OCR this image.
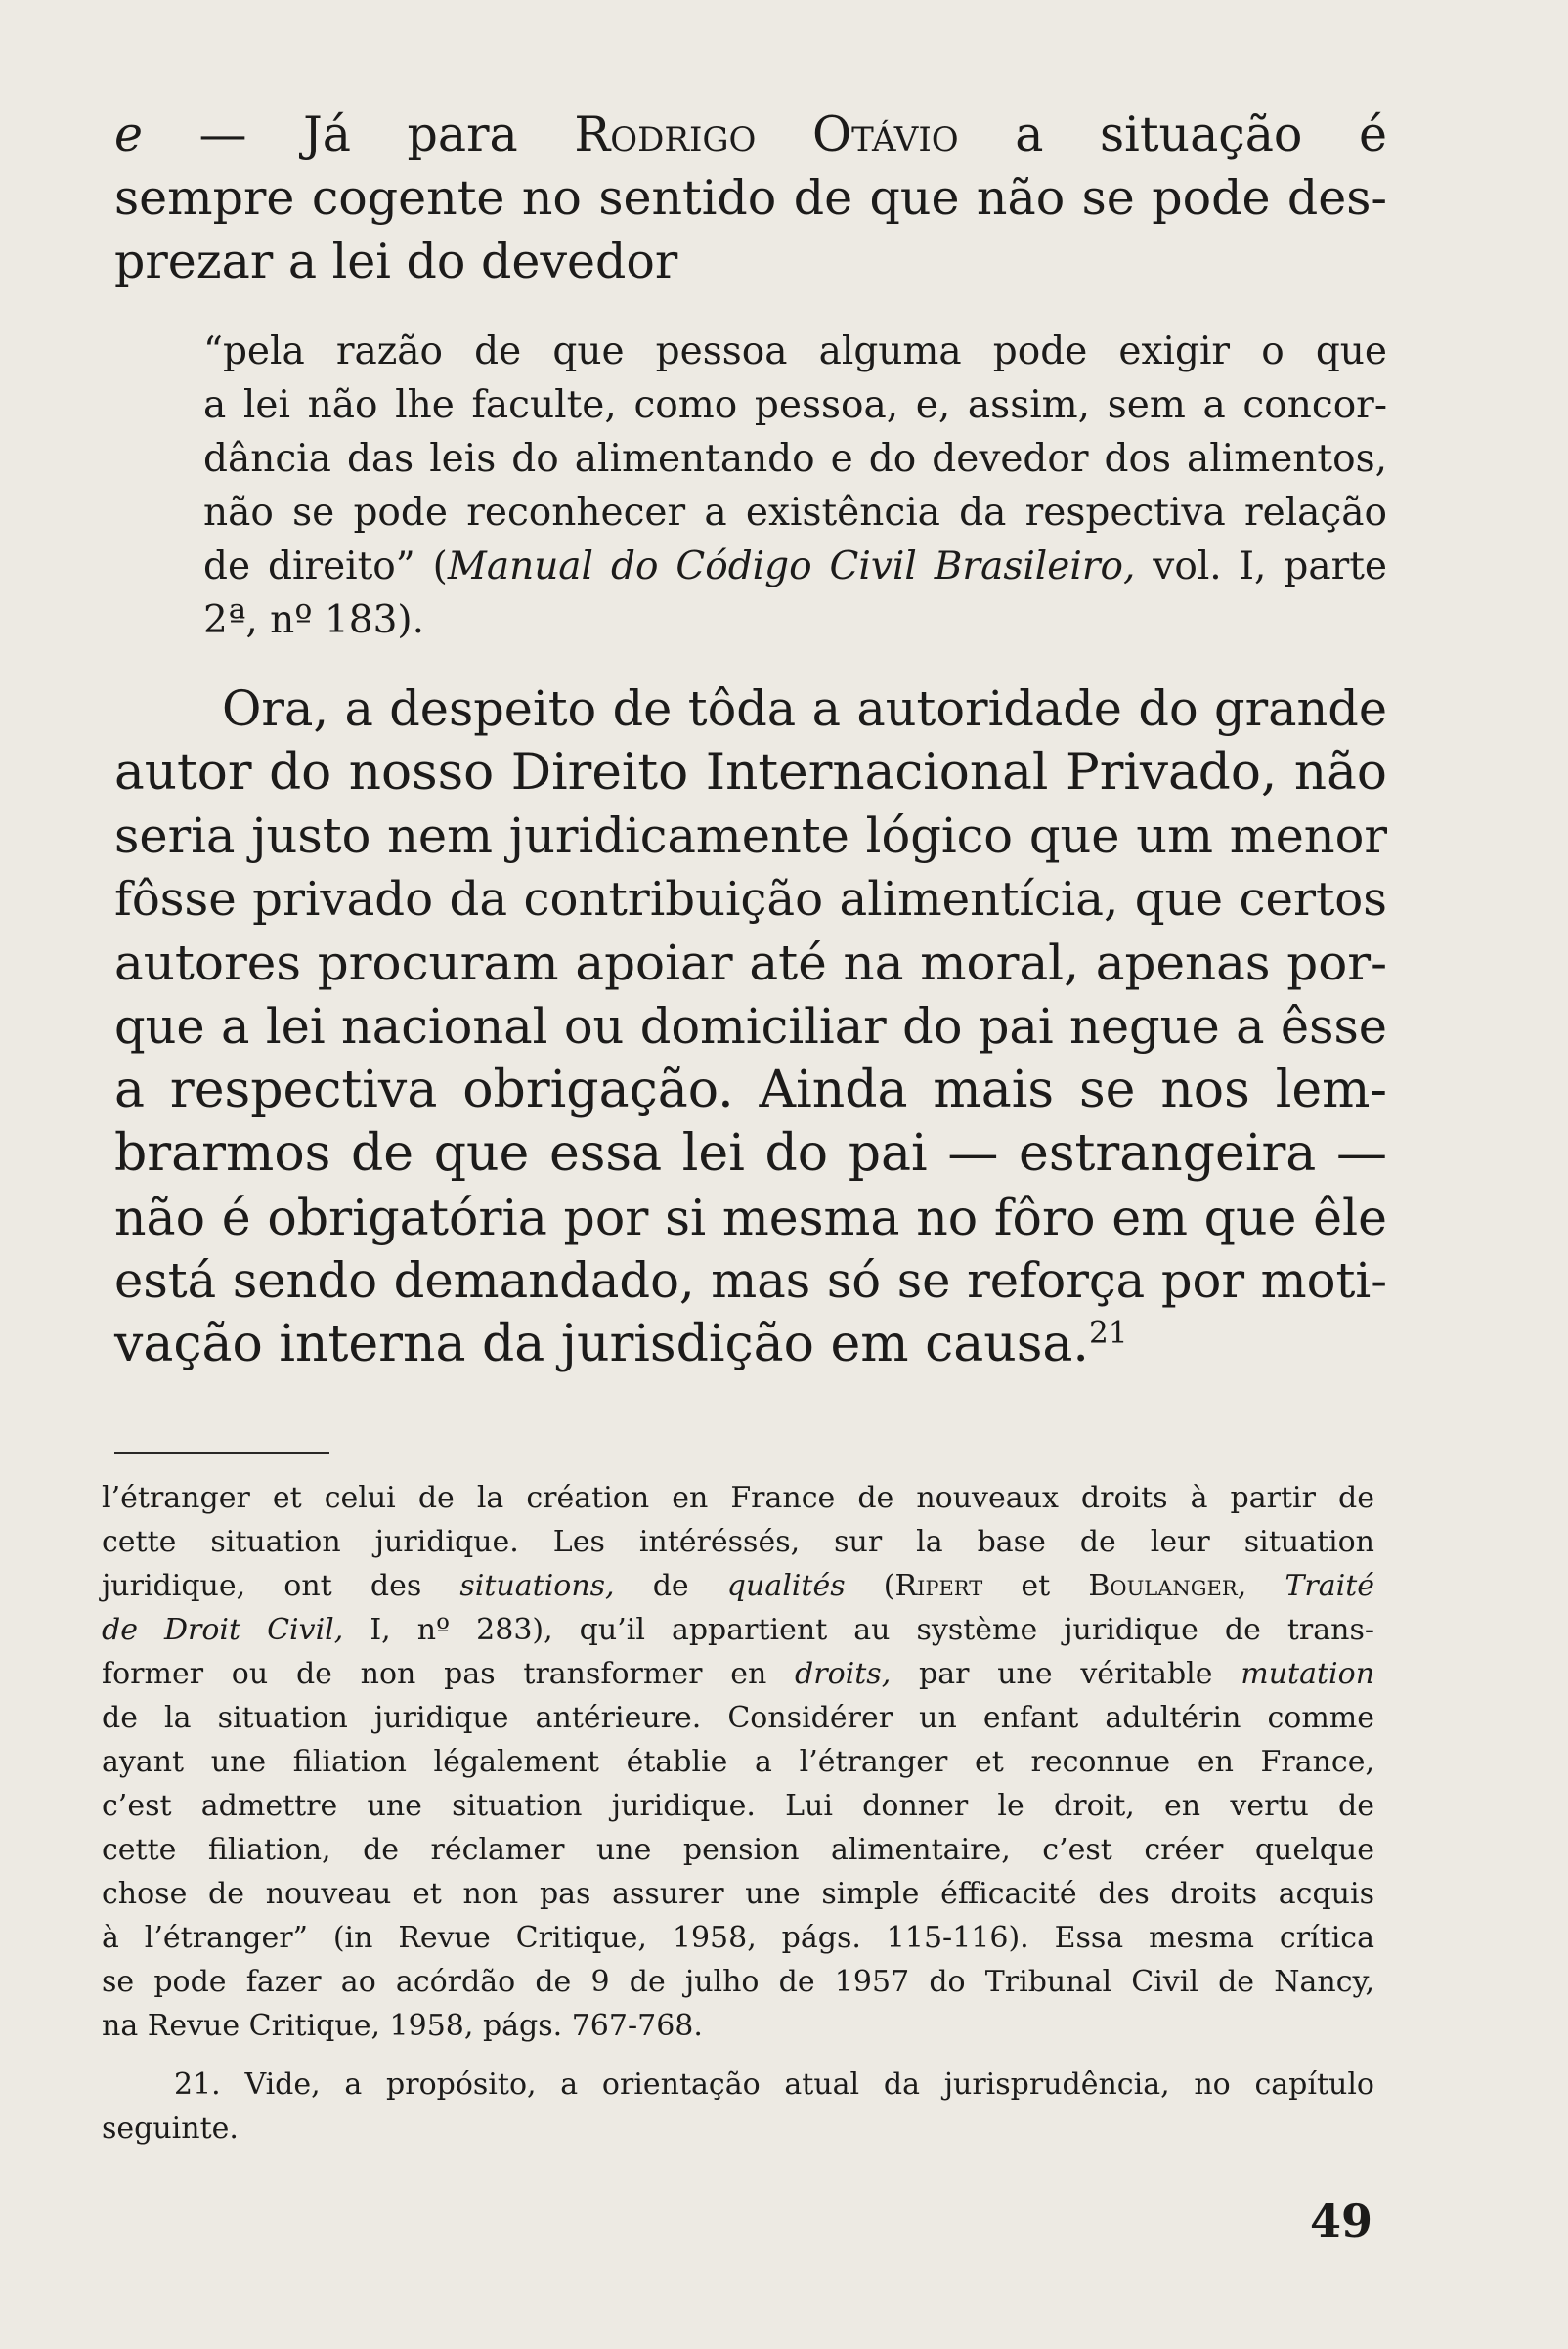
e — Já para Rodrigo Otávio a situação é
sempre cogente no sentido de que não se pode des-
prezar a lei do devedor
“pela razão de que pessoa alguma pode exigir o que
a lei não lhe faculte, como pessoa, e, assim, sem a concor-
dância das leis do alimentando e do devedor dos alimentos,
não se pode reconhecer a existência da respectiva relação
de direito” (Manual do Código Civil Brasileiro, vol. I, parte
2ª, nº 183).
Ora, a despeito de tôda a autoridade do grande
autor do nosso Direito Internacional Privado, não
seria justo nem juridicamente lógico que um menor
fôsse privado da contribuição alimentícia, que certos
autores procuram apoiar até na moral, apenas por-
que a lei nacional ou domiciliar do pai negue a êsse
a respectiva obrigação. Ainda mais se nos lem-
brarmos de que essa lei do pai — estrangeira —
não é obrigatória por si mesma no fôro em que êle
está sendo demandado, mas só se reforça por moti-
vação interna da jurisdição em causa.$^{21}$
l’étranger et celui de la création en France de nouveaux droits à partir de
cette situation juridique. Les intéréssés, sur la base de leur situation
juridique, ont des situations, de qualités (Ripert et Boulanger, Traité
de Droit Civil, I, nº 283), qu’il appartient au système juridique de trans-
former ou de non pas transformer en droits, par une véritable mutation
de la situation juridique antérieure. Considérer un enfant adultérin comme
ayant une filiation légalement établie a l’étranger et reconnue en France,
c’est admettre une situation juridique. Lui donner le droit, en vertu de
cette filiation, de réclamer une pension alimentaire, c’est créer quelque
chose de nouveau et non pas assurer une simple éfficacité des droits acquis
à l’étranger” (in Revue Critique, 1958, págs. 115-116). Essa mesma crítica
se pode fazer ao acórdão de 9 de julho de 1957 do Tribunal Civil de Nancy,
na Revue Critique, 1958, págs. 767-768.
21. Vide, a propósito, a orientação atual da jurisprudência, no capítulo
seguinte.
49
